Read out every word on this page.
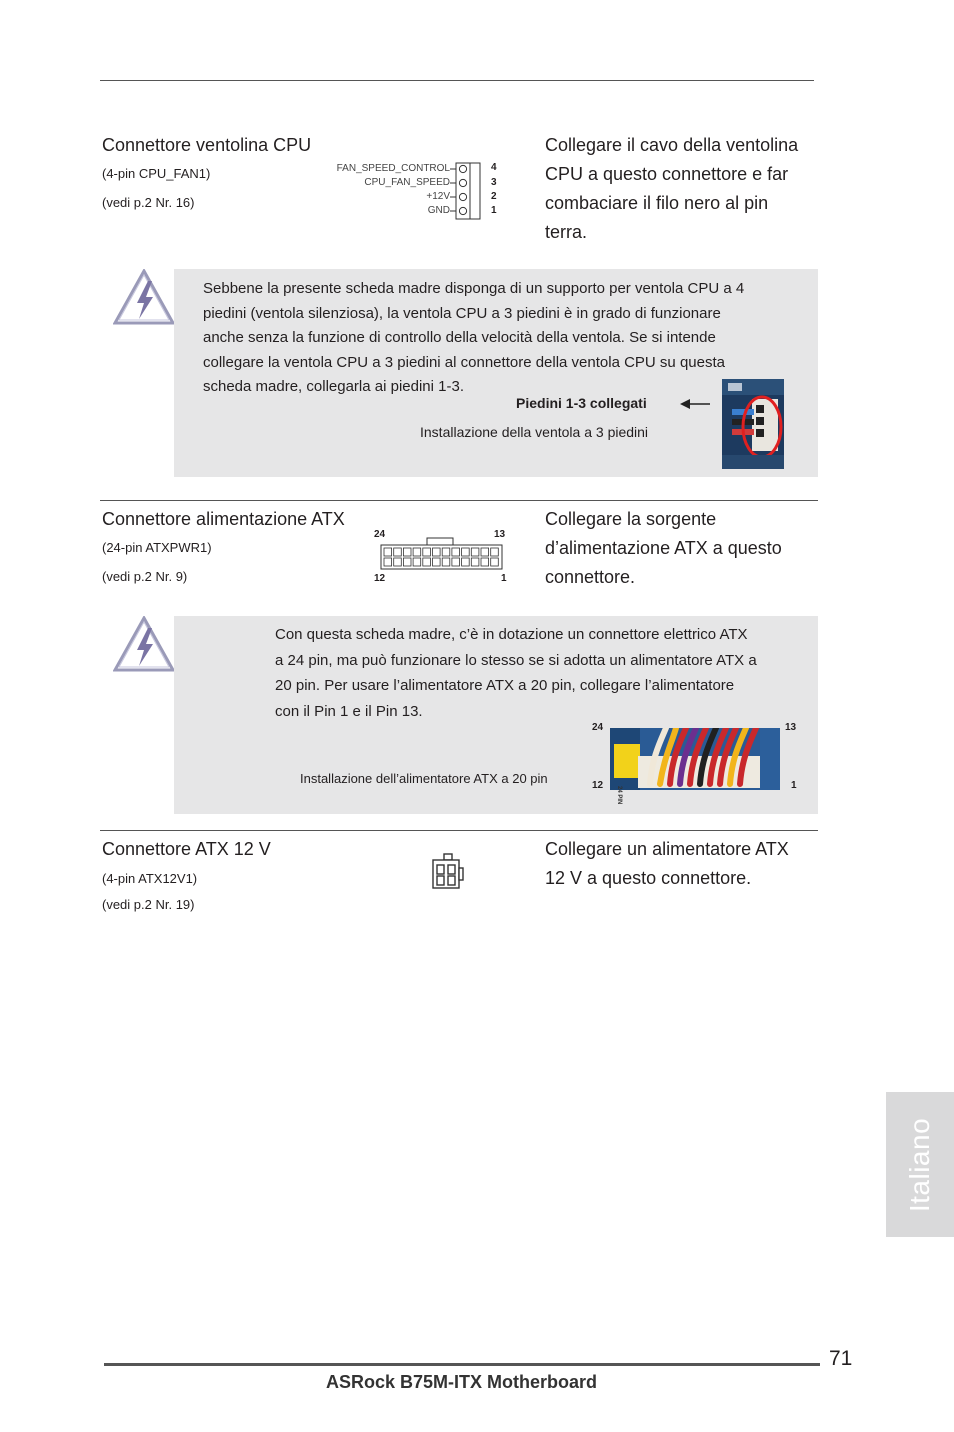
Connettore ventolina CPU
(4-pin CPU_FAN1)
(vedi p.2 Nr. 16)
FAN_SPEED_CONTROL
CPU_FAN_SPEED
+12V
GND
4
3
2
1
Collegare il cavo della ventolina
CPU a questo connettore e far
combaciare il filo nero al pin
terra.
Sebbene la presente scheda madre disponga di un supporto per ventola CPU a 4
piedini (ventola silenziosa), la ventola CPU a 3 piedini è in grado di funzionare
anche senza la funzione di controllo della velocità della ventola. Se si intende
collegare la ventola CPU a 3 piedini al connettore della ventola CPU su questa
scheda madre, collegarla ai piedini 1-3.
Piedini 1-3 collegati
Installazione della ventola a 3 piedini
Connettore alimentazione ATX
(24-pin ATXPWR1)
(vedi p.2 Nr. 9)
24	13
12	1
Collegare la sorgente
d’alimentazione ATX a questo
connettore.
Con questa scheda madre, c’è in dotazione un connettore elettrico ATX
a 24 pin, ma può funzionare lo stesso se si adotta un alimentatore ATX a
20 pin. Per usare l’alimentatore ATX a 20 pin, collegare l’alimentatore
con il Pin 1 e il Pin 13.
Installazione dell’alimentatore ATX a 20 pin
24	13
12	1
24 PIN
Connettore ATX 12 V
(4-pin ATX12V1)
(vedi p.2 Nr. 19)
Collegare un alimentatore ATX
12 V a questo connettore.
Italiano
71
ASRock B75M-ITX Motherboard
